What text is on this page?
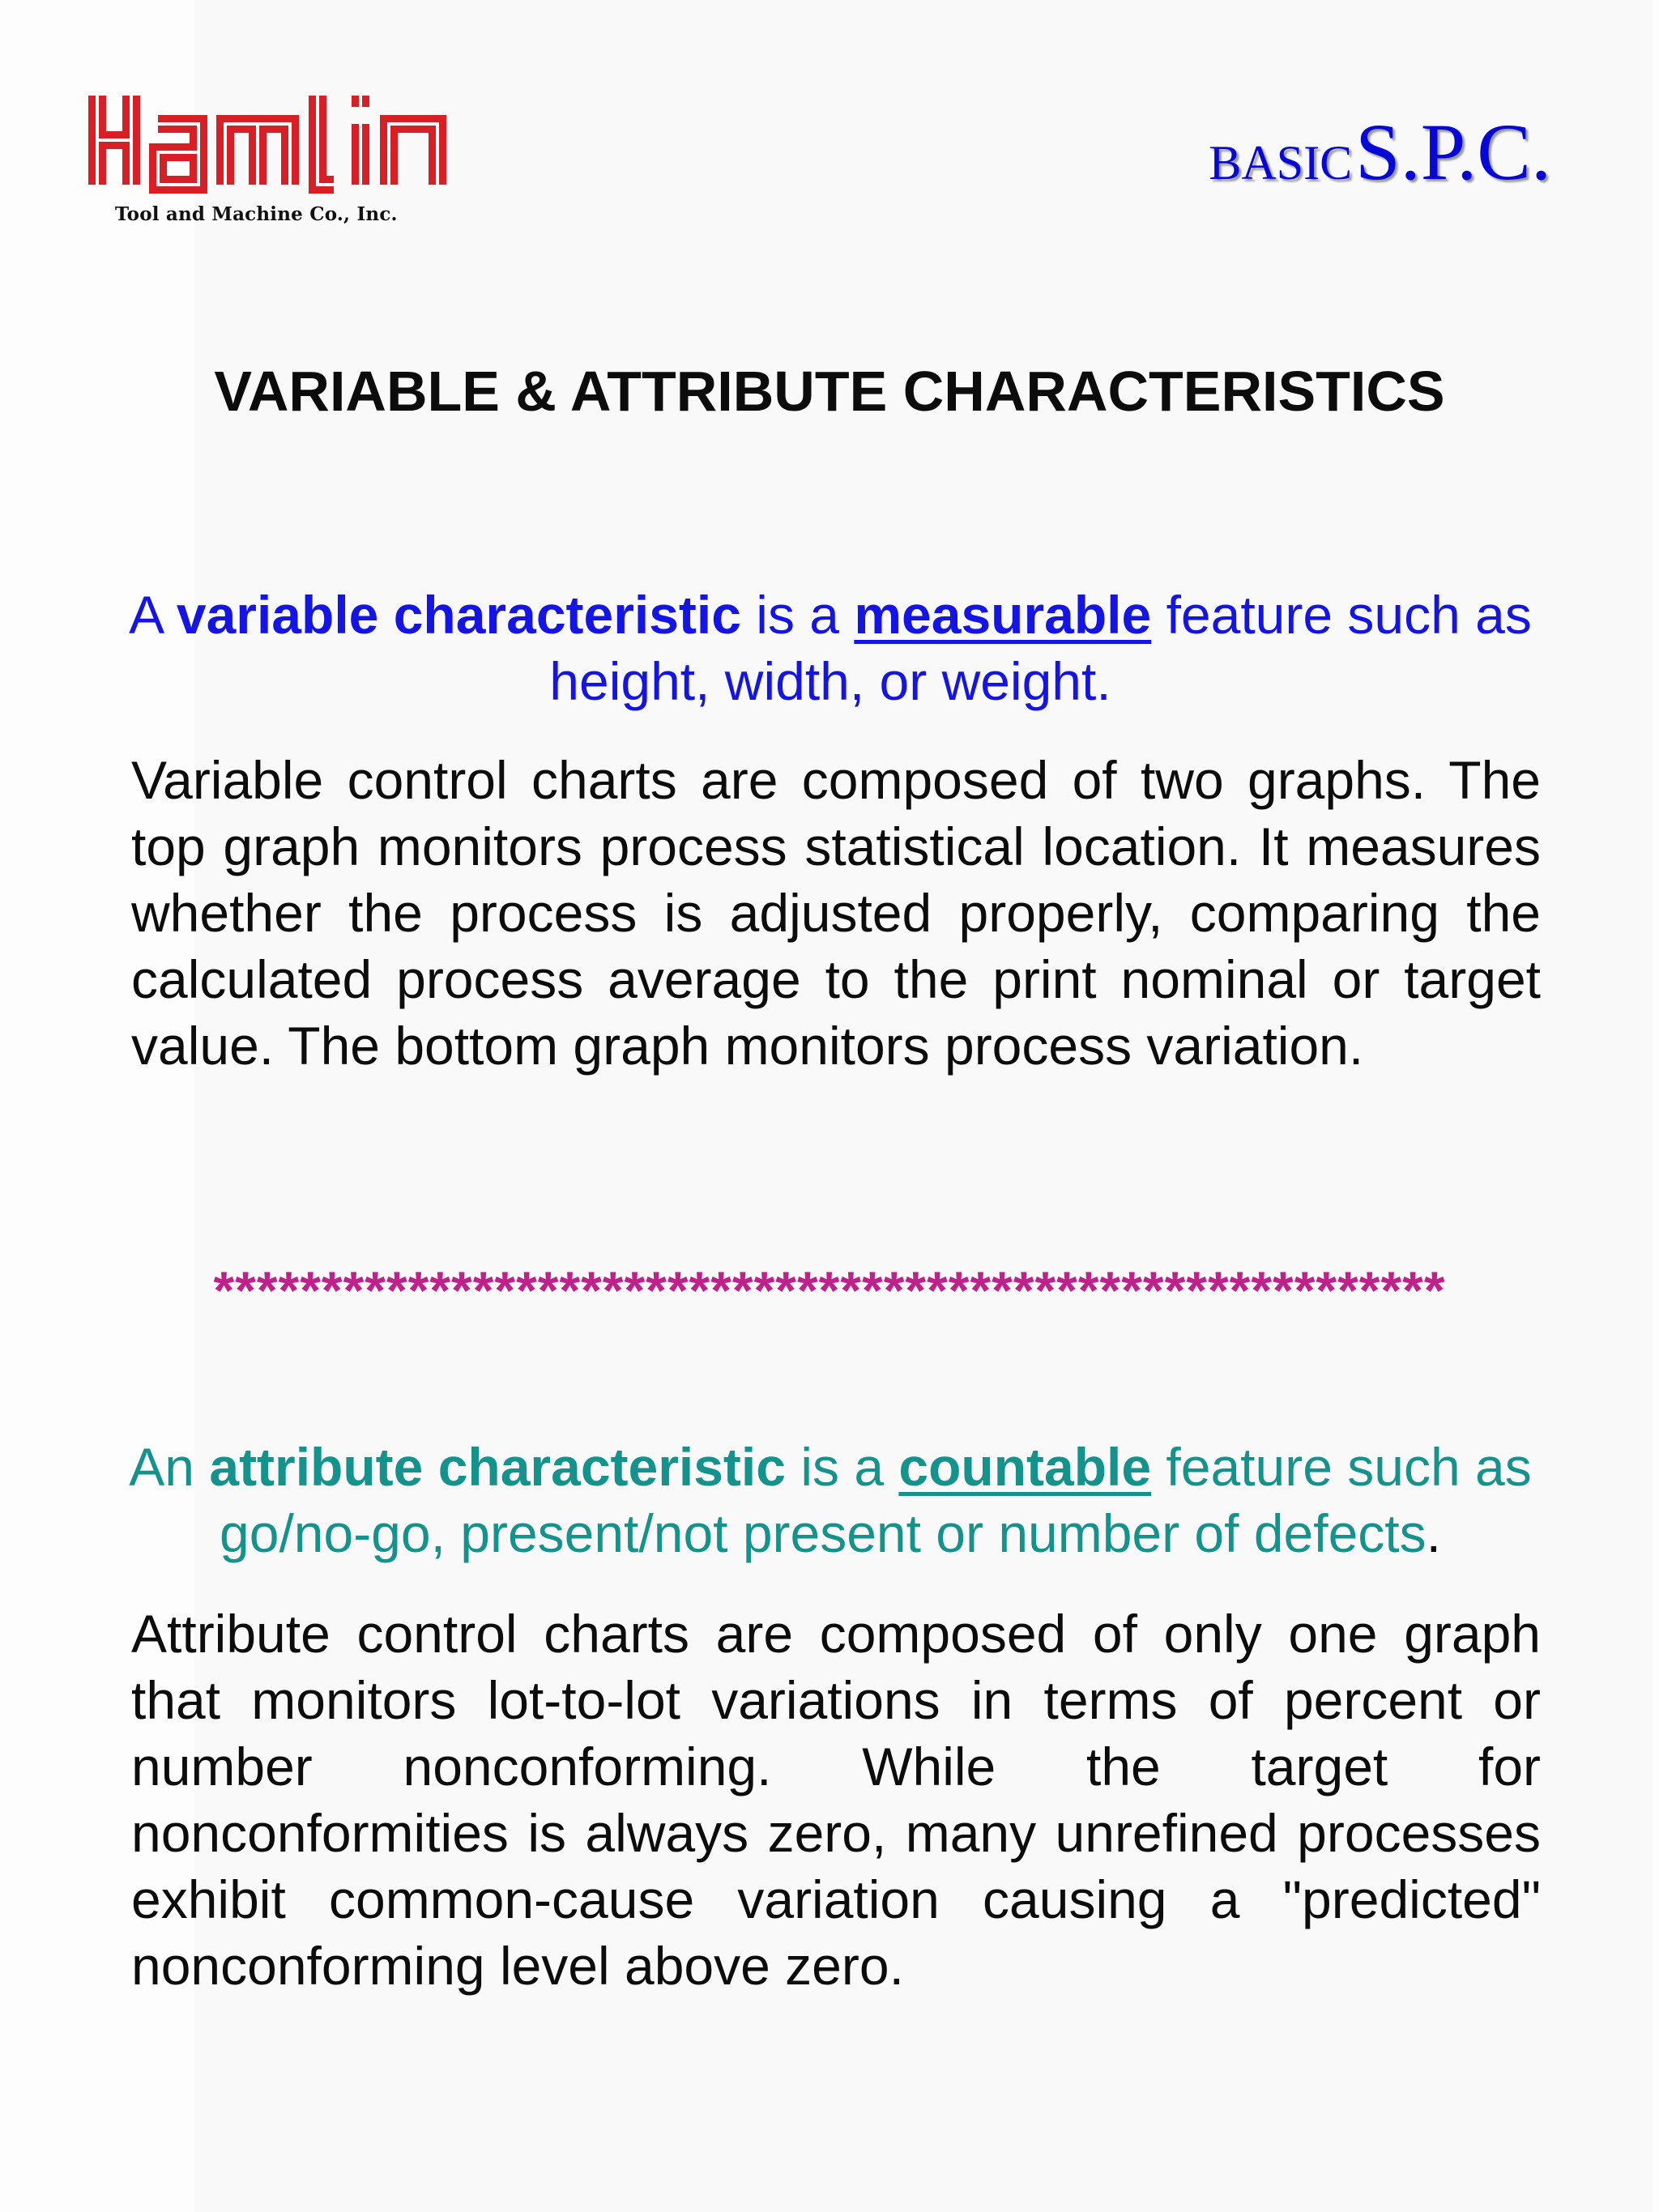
Tool and Machine Co., Inc.
BASIC S.P.C.
VARIABLE & ATTRIBUTE CHARACTERISTICS
A variable characteristic is a measurable feature such as height, width, or weight.
Variable control charts are composed of two graphs. The top graph monitors process statistical location. It measures whether the process is adjusted properly, comparing the calculated process average to the print nominal or target value. The bottom graph monitors process variation.
*********************************************************
An attribute characteristic is a countable feature such as go/no-go, present/not present or number of defects.
Attribute control charts are composed of only one graph that monitors lot-to-lot variations in terms of percent or number nonconforming. While the target for nonconformities is always zero, many unrefined processes exhibit common-cause variation causing a "predicted" nonconforming level above zero.
